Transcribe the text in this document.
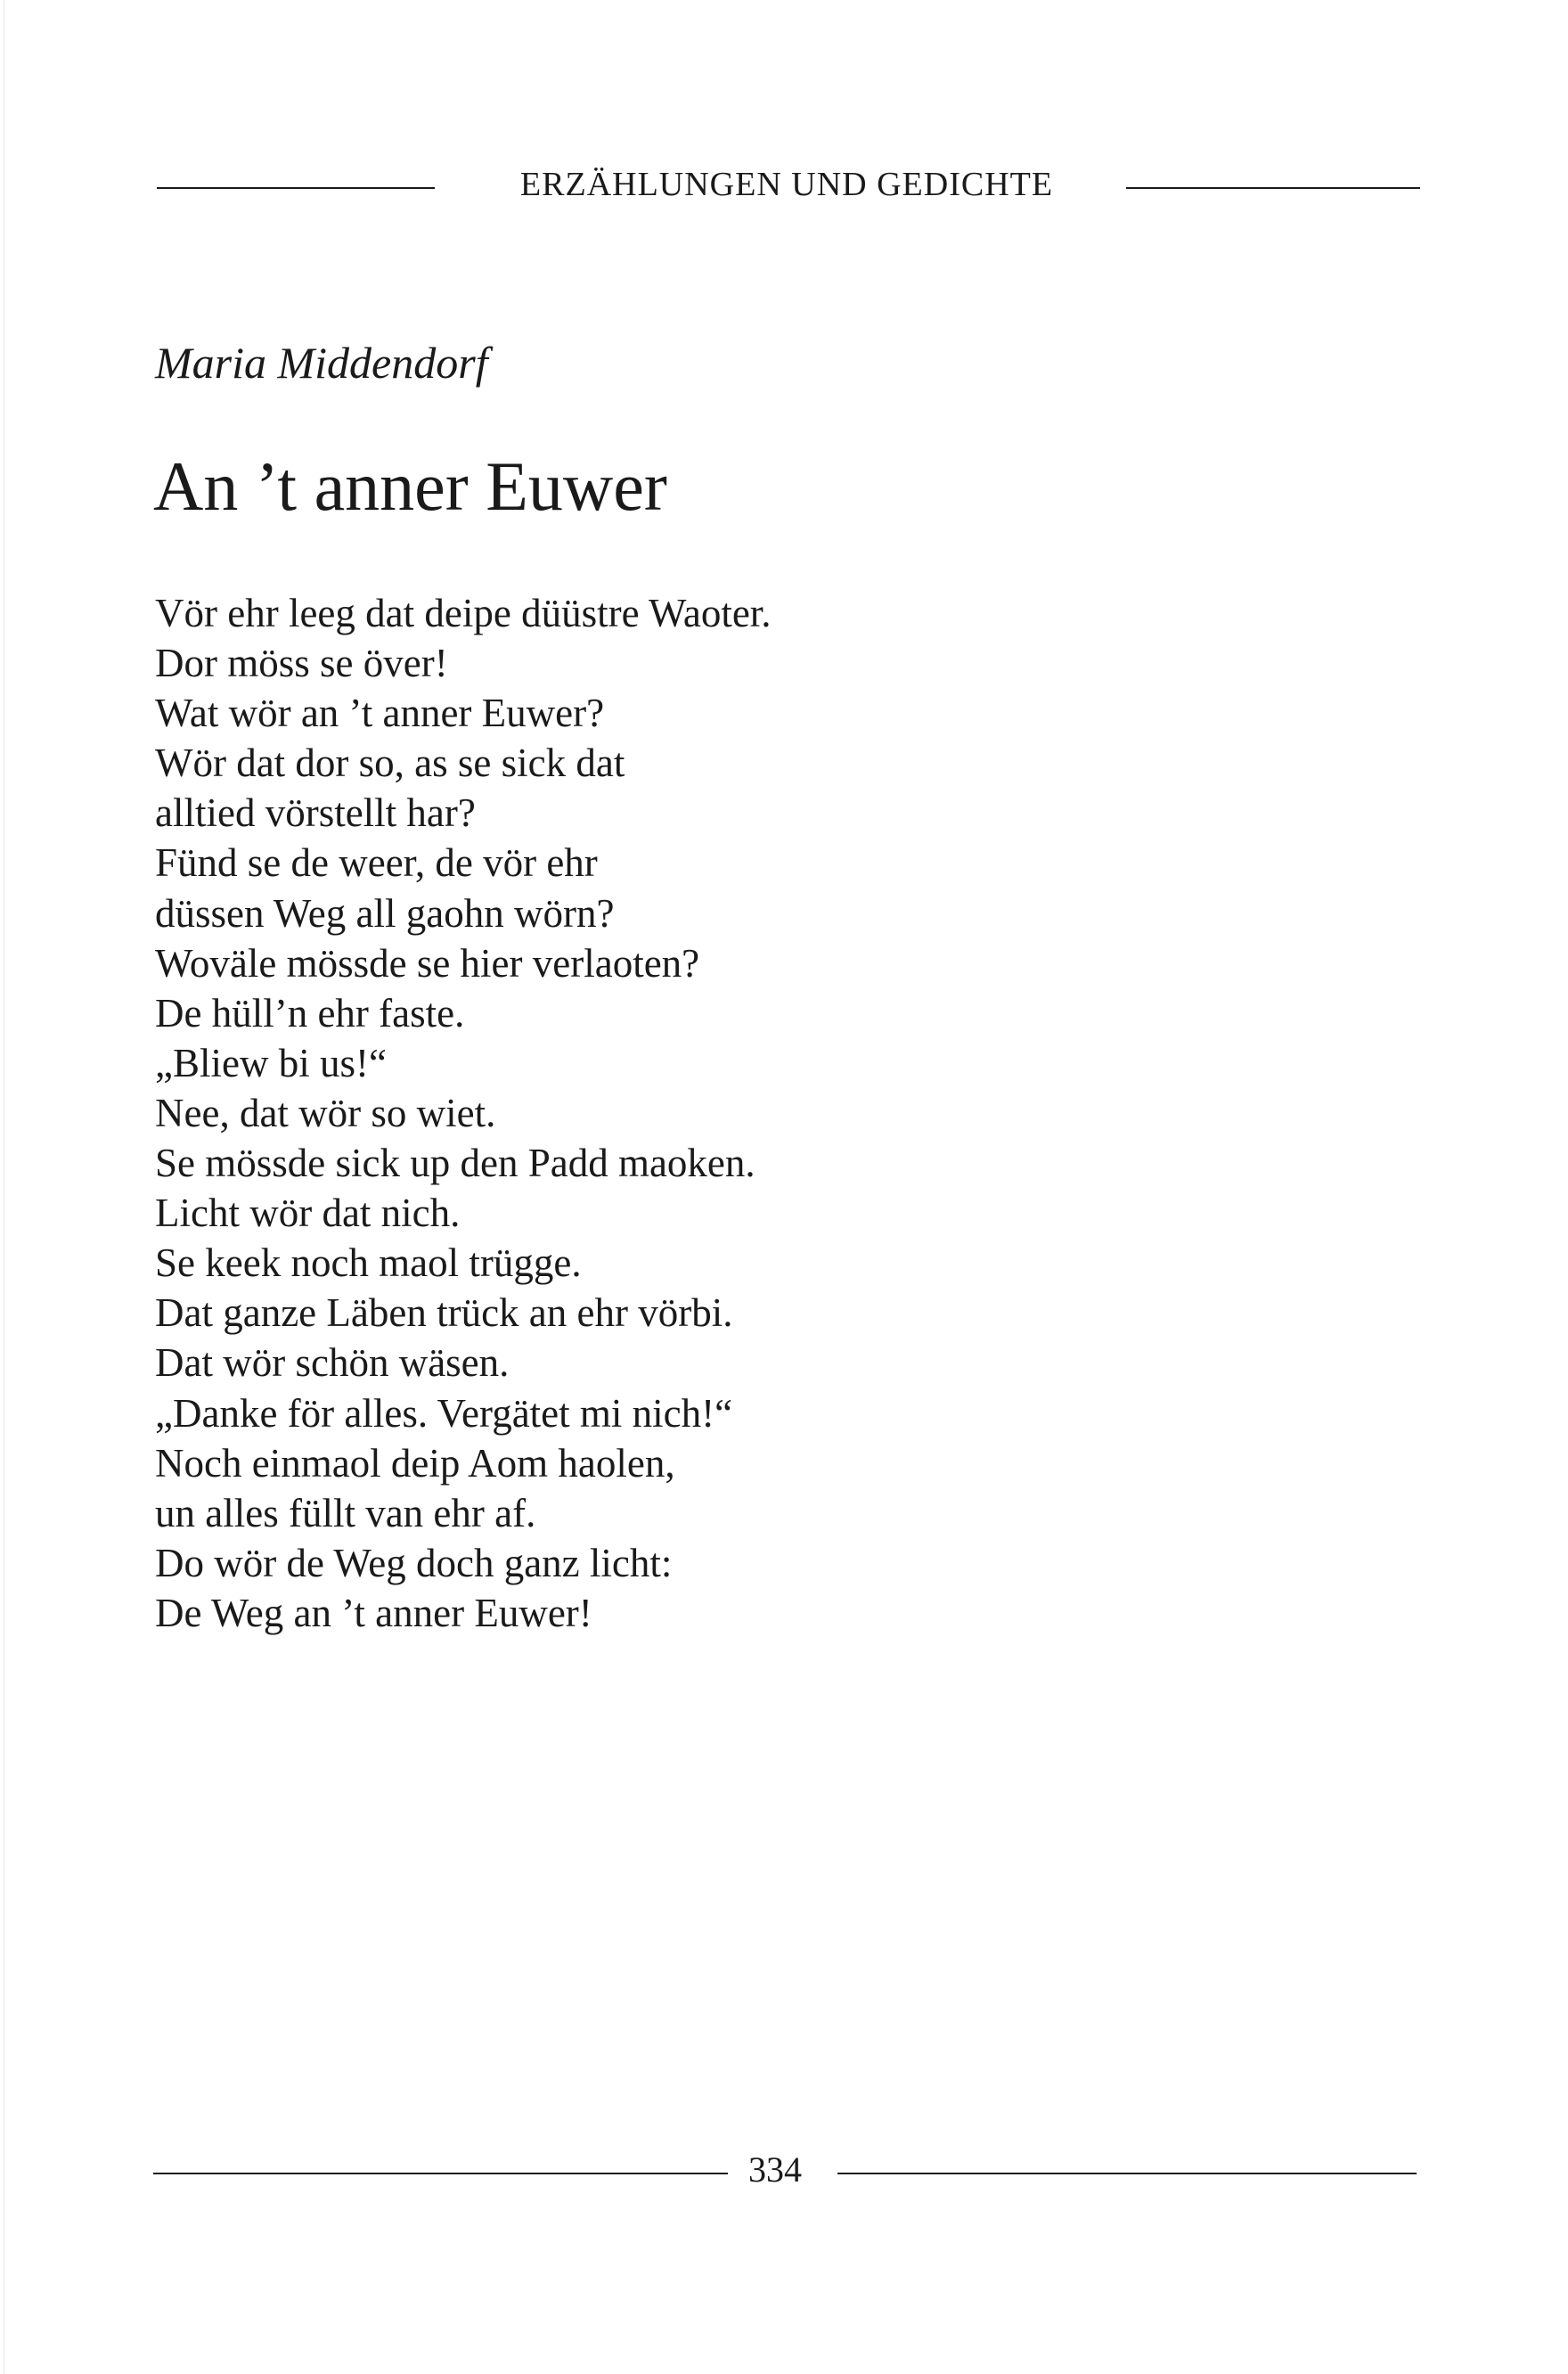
ERZÄHLUNGEN UND GEDICHTE
Maria Middendorf
An ’t anner Euwer
Vör ehr leeg dat deipe düüstre Waoter.
Dor möss se över!
Wat wör an ’t anner Euwer?
Wör dat dor so, as se sick dat
alltied vörstellt har?
Fünd se de weer, de vör ehr
düssen Weg all gaohn wörn?
Woväle mössde se hier verlaoten?
De hüll’n ehr faste.
„Bliew bi us!“
Nee, dat wör so wiet.
Se mössde sick up den Padd maoken.
Licht wör dat nich.
Se keek noch maol trügge.
Dat ganze Läben trück an ehr vörbi.
Dat wör schön wäsen.
„Danke för alles. Vergätet mi nich!“
Noch einmaol deip Aom haolen,
un alles füllt van ehr af.
Do wör de Weg doch ganz licht:
De Weg an ’t anner Euwer!
334
